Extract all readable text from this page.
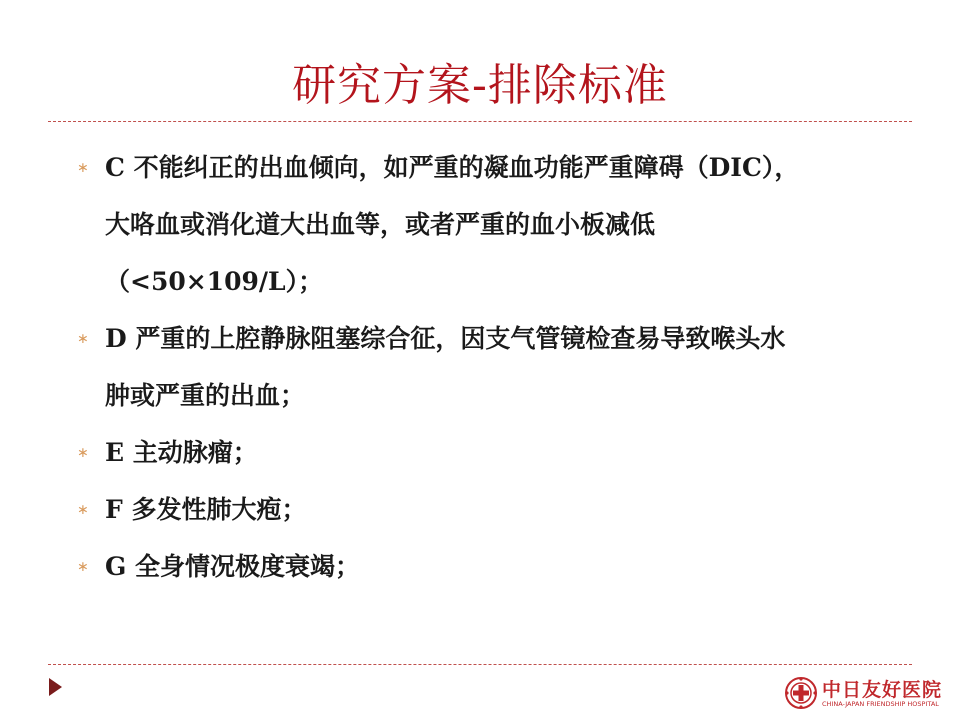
研究方案-排除标准
∗ C 不能纠正的出血倾向，如严重的凝血功能严重障碍（DIC），
大咯血或消化道大出血等，或者严重的血小板减低
（<50×109/L）；
∗ D 严重的上腔静脉阻塞综合征，因支气管镜检查易导致喉头水
肿或严重的出血；
∗ E 主动脉瘤；
∗ F 多发性肺大疱；
∗ G 全身情况极度衰竭；
中日友好医院
CHINA-JAPAN FRIENDSHIP HOSPITAL
